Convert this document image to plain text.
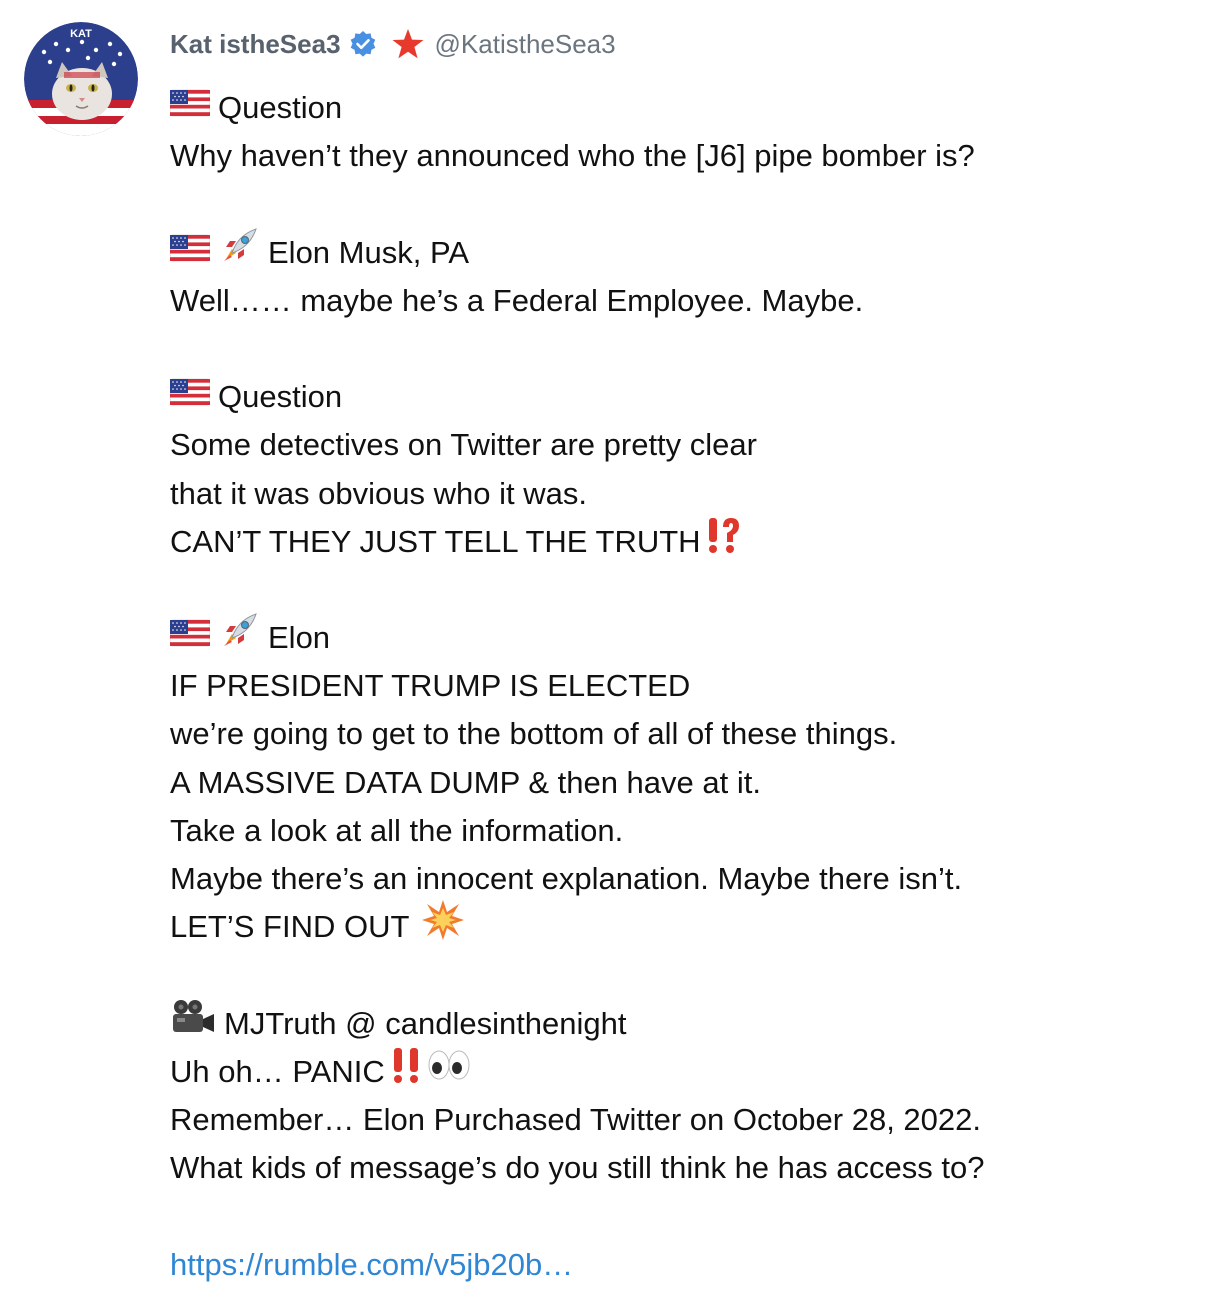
KAT	Kat istheSea3	@KatistheSea3
Question
Why haven’t they announced who the [J6] pipe bomber is?
Elon Musk, PA
Well…… maybe he’s a Federal Employee. Maybe.
Question
Some detectives on Twitter are pretty clear
that it was obvious who it was.
CAN’T THEY JUST TELL THE TRUTH
Elon
IF PRESIDENT TRUMP IS ELECTED
we’re going to get to the bottom of all of these things.
A MASSIVE DATA DUMP & then have at it.
Take a look at all the information.
Maybe there’s an innocent explanation. Maybe there isn’t.
LET’S FIND OUT
MJTruth @ candlesinthenight
Uh oh… PANIC
Remember… Elon Purchased Twitter on October 28, 2022.
What kids of message’s do you still think he has access to?
https://rumble.com/v5jb20b…
